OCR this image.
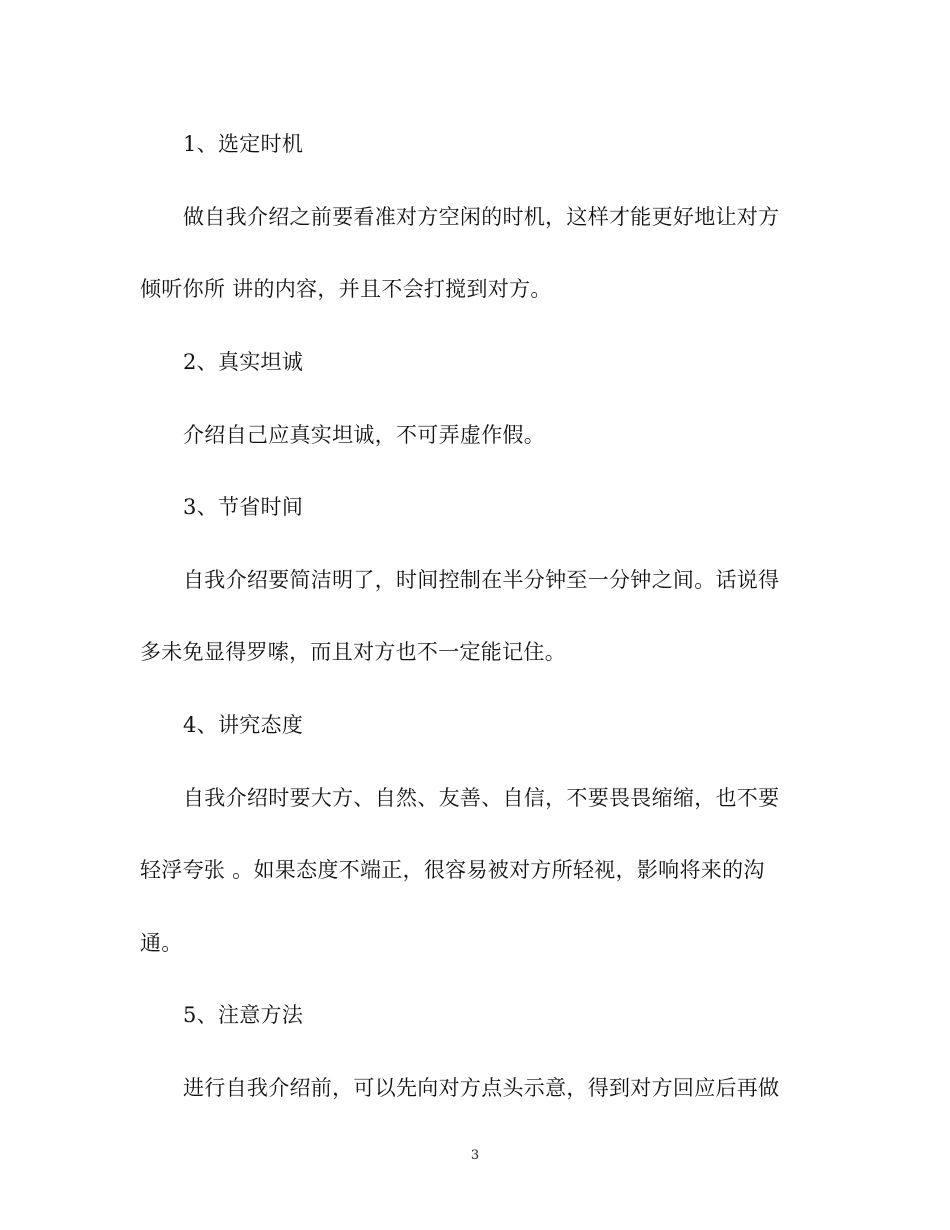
1、选定时机
做自我介绍之前要看准对方空闲的时机，这样才能更好地让对方
倾听你所 讲的内容，并且不会打搅到对方。
2、真实坦诚
介绍自己应真实坦诚，不可弄虚作假。
3、节省时间
自我介绍要简洁明了，时间控制在半分钟至一分钟之间。话说得
多未免显得罗嗦，而且对方也不一定能记住。
4、讲究态度
自我介绍时要大方、自然、友善、自信，不要畏畏缩缩，也不要
轻浮夸张 。如果态度不端正，很容易被对方所轻视，影响将来的沟
通。
5、注意方法
进行自我介绍前，可以先向对方点头示意，得到对方回应后再做
3
